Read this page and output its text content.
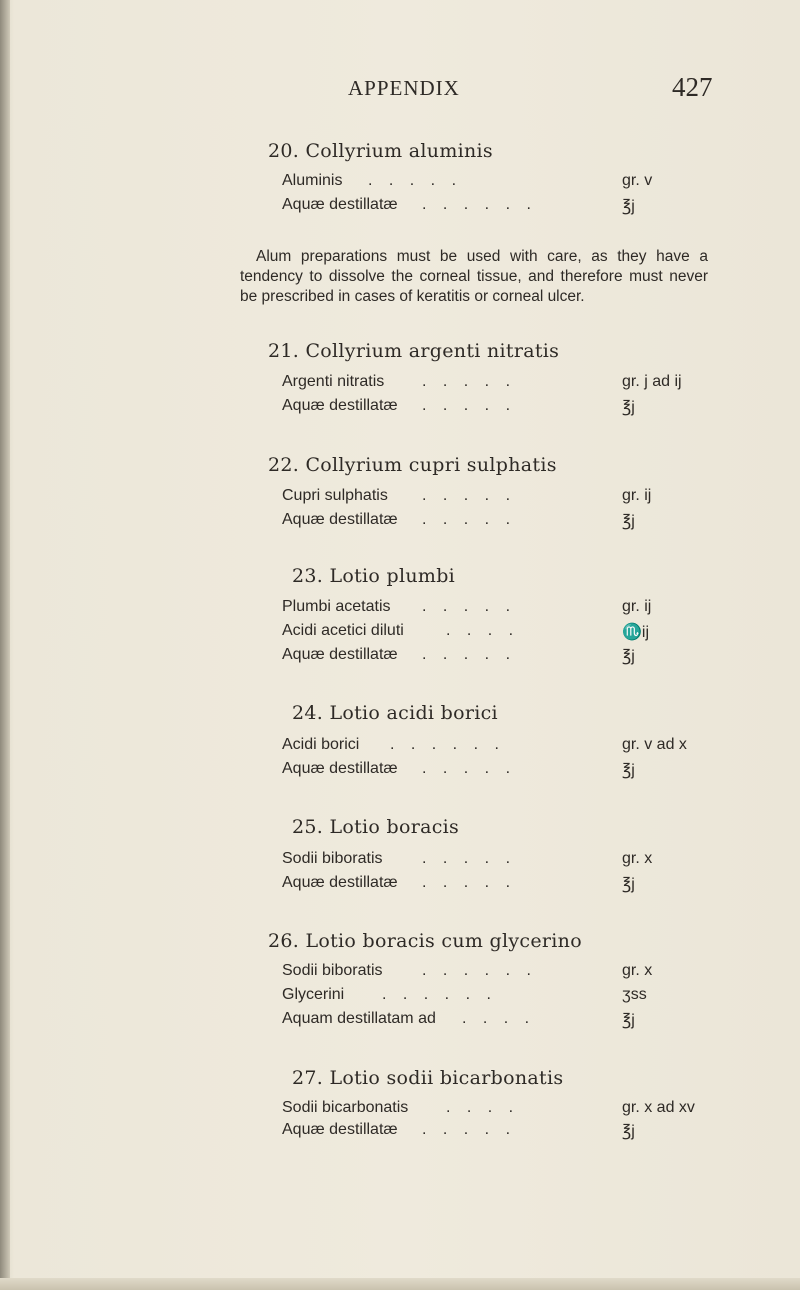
APPENDIX	427
20. Collyrium aluminis
Aluminis . . . . .	gr. v
Aquæ destillatæ . . . . . .	℥j

Alum preparations must be used with care, as they have a tendency to dissolve the corneal tissue, and therefore must never be prescribed in cases of keratitis or corneal ulcer.

21. Collyrium argenti nitratis
Argenti nitratis . . . . .	gr. j ad ij
Aquæ destillatæ . . . . .	℥j
22. Collyrium cupri sulphatis
Cupri sulphatis . . . . .	gr. ij
Aquæ destillatæ . . . . .	℥j
23. Lotio plumbi
Plumbi acetatis . . . . .	gr. ij
Acidi acetici diluti	. . . .	♏ij
Aquæ destillatæ . . . . .	℥j
24. Lotio acidi borici
Acidi borici . . . . . .	gr. v ad x
Aquæ destillatæ . . . . .	℥j
25. Lotio boracis
Sodii biboratis . . . . .	gr. x
Aquæ destillatæ . . . . .	℥j
26. Lotio boracis cum glycerino
Sodii biboratis . . . . . .	gr. x
Glycerini . . . . . .	ʒss
Aquam destillatam ad . . . .	℥j
27. Lotio sodii bicarbonatis
Sodii bicarbonatis . . . .	gr. x ad xv
Aquæ destillatæ . . . . .	℥j
